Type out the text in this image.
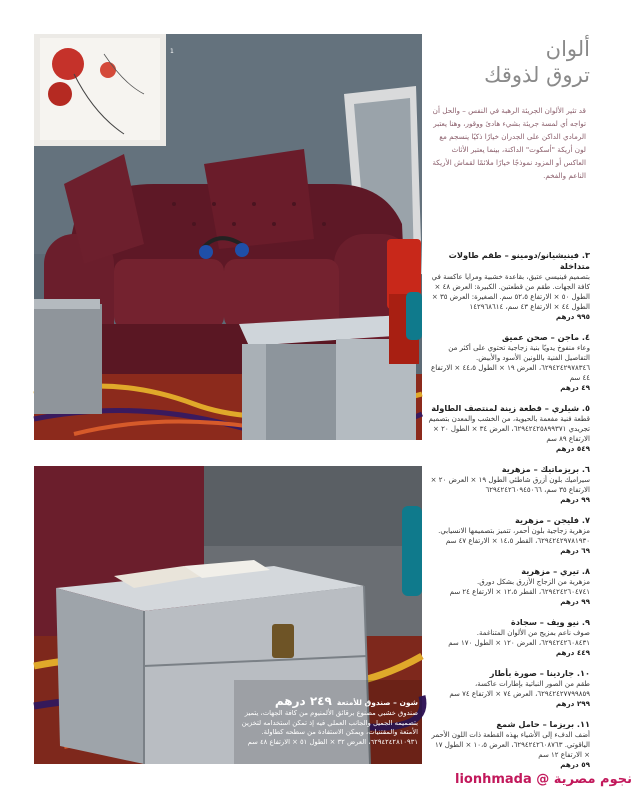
1
شون – صندوق للأمتعة ٢٤٩ درهم
صندوق خشبي مصنوع برقائق الألمنيوم من كافة الجهات، يتميز بتصميمه الجميل والجانب العملي فيه إذ تمكن استخدامه لتخزين الأمتعة والمقتنيات، ويمكن الاستفادة من سطحه كطاولة. ٦٢٩٤٢٤٢٨١٠٩٣١، العرض ٣٢ × الطول ٥١ × الارتفاع ٤٨ سم
ألوان
تروق لذوقك

قد تثير الألوان الجريئة الرهبة في النفس – والحل أن تواجه أي لمسة جريئة بشيء هادئ ووقور، وهنا يعتبر الرمادي الداكن على الجدران خيارًا ذكيًا ينسجم مع لون أريكة "أسكوت" الداكنة، بينما يعتبر الأثاث العاكس أو المزود نموذجًا خيارًا ملائمًا لقماش الأريكة الناعم والفخم.

٣. فينيشيانو/دومينو – طقم طاولات متداخلة
بتصميم فينيسي عتيق، بقاعدة خشبية ومرايا عاكسة في كافة الجهات. طقم من قطعتين. الكبيرة: العرض ٤٨ × الطول ٥٠ × الارتفاع ٥٢،٥ سم. الصغيرة: العرض ٣٥ × الطول ٤٤ × الارتفاع ٤٣ سم، ١٤٢٩٦٨٦١٤
٩٩٥ درهم
٤. ماجن – صحن عميق
وعاء منفوخ يدويًا بنية زجاجية تحتوي على أكثر من التفاصيل الفنية باللونين الأسود والأبيض. ٦٢٩٤٢٤٢٩٧٨٣٤٦، العرض ١٩ × الطول ٤٤،٥ × الارتفاع ٤٤ سم
٤٩ درهم
٥. شيلري – قطعة زينة لمنتصف الطاولة
قطعة فنية مفعمة بالحيوية، من الخشب والمعدن بتصميم تجريدي ٦٢٩٤٢٤٢٥٨٩٩٣٧١، العرض ٣٤ × الطول ٢٠ × الارتفاع ٨٩ سم
٥٤٩ درهم
٦. بريزماتيك – مزهرية
سيراميك بلون أزرق شاطئي الطول ١٩ × العرض ٢٠ × الارتفاع ٣٥ سم، ٦٢٩٤٢٤٢٦٠٩٤٥٠٦٦
٩٩ درهم
٧. فليجن – مزهرية
مزهرية زجاجية بلون أحمر، تتميز بتصميمها الانسيابي. ٦٢٩٤٢٤٢٩٧٨١٩٣٠، القطر ١٤،٥ × الارتفاع ٤٧ سم
٦٩ درهم
٨. تيري – مزهرية
مزهرية من الزجاج الأزرق بشكل دورق. ٦٢٩٤٢٤٢٦٠٤٧٤١، القطر ١٢،٥ × الارتفاع ٢٤ سم
٩٩ درهم
٩. نيو ويف – سجادة
صوف ناعم بمزيج من الألوان المتناغمة. ٦٢٩٤٢٤٢٦٠٨٤٣١، العرض ١٢٠ × الطول ١٧٠ سم
٤٤٩ درهم
١٠. جاردينا – صورة بأطار
طقم من الصور النباتية بإطارات عاكسة، ٦٢٩٤٢٤٢٧٧٩٩٨٥٩، العرض ٧٤ × الارتفاع ٧٤ سم
٢٩٩ درهم
١١. بريزما – حامل شمع
أضف الدفء إلى الأشياء بهذه القطعة ذات اللون الأحمر الياقوتي. ٦٢٩٤٢٤٢٦٠٨٧٦٣، العرض ١٠،٥ × الطول ١٧ × الارتفاع ١٢ سم
٥٩ درهم
نجوم مصرية @ lionhmada
